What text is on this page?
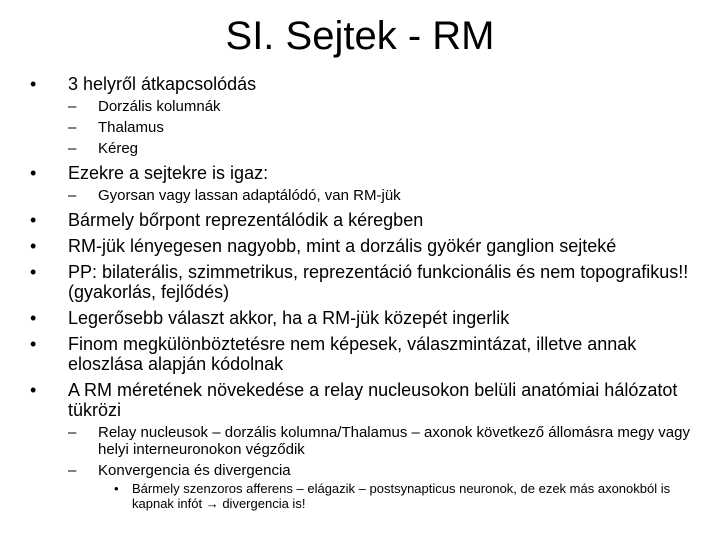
SI. Sejtek - RM
• 3 helyről átkapcsolódás
– Dorzális kolumnák
– Thalamus
– Kéreg
• Ezekre a sejtekre is igaz:
– Gyorsan vagy lassan adaptálódó, van RM-jük
• Bármely bőrpont reprezentálódik a kéregben
• RM-jük lényegesen nagyobb, mint a dorzális gyökér ganglion sejteké
• PP: bilaterális, szimmetrikus, reprezentáció funkcionális és nem topografikus!! (gyakorlás, fejlődés)
• Legerősebb választ akkor, ha a RM-jük közepét ingerlik
• Finom megkülönböztetésre nem képesek, válaszmintázat, illetve annak eloszlása alapján kódolnak
• A RM méretének növekedése a relay nucleusokon belüli anatómiai hálózatot tükrözi
– Relay nucleusok – dorzális kolumna/Thalamus – axonok következő állomásra megy vagy helyi interneuronokon végződik
– Konvergencia és divergencia
• Bármely szenzoros afferens – elágazik – postsynapticus neuronok, de ezek más axonokból is kapnak infót → divergencia is!
